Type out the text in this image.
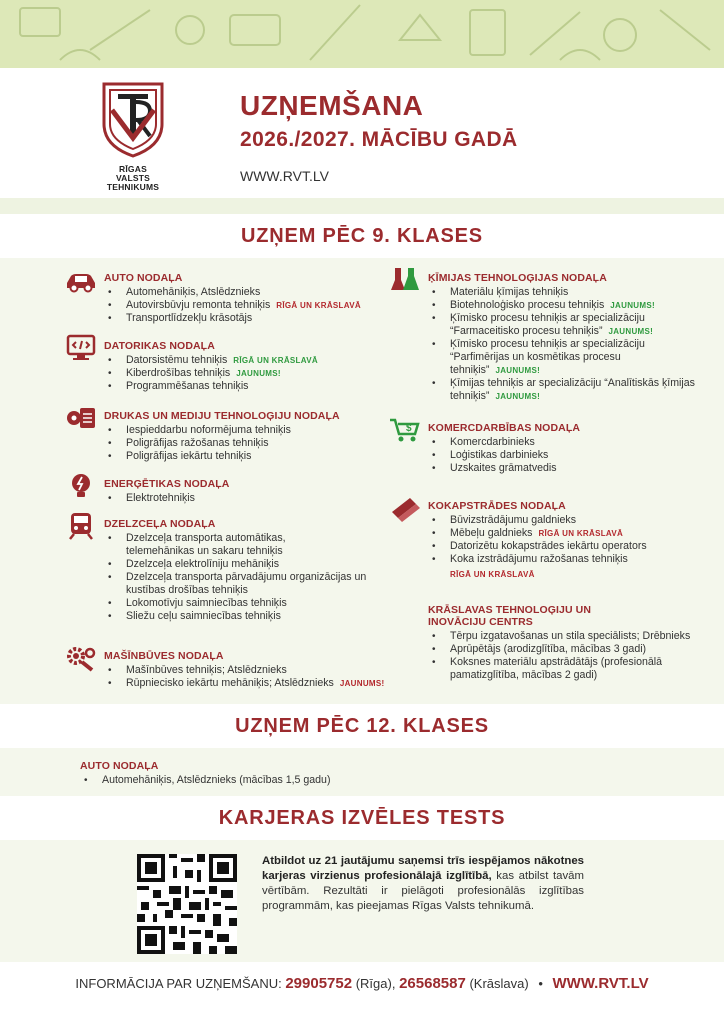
RĪGAS
VALSTS
TEHNIKUMS
UZŅEMŠANA
2026./2027. MĀCĪBU GADĀ
WWW.RVT.LV
UZŅEM PĒC 9. KLASES
AUTO NODAĻA
• Automehāniķis, Atslēdznieks
• Autovirsbūvju remonta tehniķis RĪGĀ UN KRĀSLAVĀ
• Transportlīdzekļu krāsotājs
DATORIKAS NODAĻA
• Datorsistēmu tehniķis RĪGĀ UN KRĀSLAVĀ
• Kiberdrošības tehniķis JAUNUMS!
• Programmēšanas tehniķis
DRUKAS UN MEDIJU TEHNOLOĢIJU NODAĻA
• Iespieddarbu noformējuma tehniķis
• Poligrāfijas ražošanas tehniķis
• Poligrāfijas iekārtu tehniķis
ENERĢĒTIKAS NODAĻA
• Elektrotehniķis
DZELZCEĻA NODAĻA
• Dzelzceļa transporta automātikas, telemehānikas un sakaru tehniķis
• Dzelzceļa elektrolīniju mehāniķis
• Dzelzceļa transporta pārvadājumu organizācijas un kustības drošības tehniķis
• Lokomotīvju saimniecības tehniķis
• Sliežu ceļu saimniecības tehniķis
MAŠĪNBŪVES NODAĻA
• Mašīnbūves tehniķis; Atslēdznieks
• Rūpnieciskо iekārtu mehāniķis; Atslēdznieks JAUNUMS!
ĶĪMIJAS TEHNOLOĢIJAS NODAĻA
• Materiālu ķīmijas tehniķis
• Biotehnoloģisko procesu tehniķis JAUNUMS!
• Ķīmisko procesu tehniķis ar specializāciju “Farmaceitisko procesu tehniķis” JAUNUMS!
• Ķīmisko procesu tehniķis ar specializāciju “Parfimērijas un kosmētikas procesu tehniķis” JAUNUMS!
• Ķīmijas tehniķis ar specializāciju “Analītiskās ķīmijas tehniķis” JAUNUMS!
$ KOMERCDARBĪBAS NODAĻA
• Komercdarbinieks
• Loģistikas darbinieks
• Uzskaites grāmatvedis
KOKAPSTRĀDES NODAĻA
• Būvizstrādājumu galdnieks
• Mēbeļu galdnieks RĪGĀ UN KRĀSLAVĀ
• Datorizētu kokapstrādes iekārtu operators
• Koka izstrādājumu ražošanas tehniķis
RĪGĀ UN KRĀSLAVĀ
KRĀSLAVAS TEHNOLOĢIJU UN INOVĀCIJU CENTRS
• Tērpu izgatavošanas un stila speciālists; Drēbnieks
• Aprūpētājs (arodizglītība, mācības 3 gadi)
• Koksnes materiālu apstrādātājs (profesionālā pamatizglītība, mācības 2 gadi)
UZŅEM PĒC 12. KLASES
AUTO NODAĻA
• Automehāniķis, Atslēdznieks (mācības 1,5 gadu)
KARJERAS IZVĒLES TESTS
Atbildot uz 21 jautājumu saņemsi trīs iespējamos nākotnes karjeras virzienus profesionālajā izglītībā, kas atbilst tavām vērtībām. Rezultāti ir pielāgoti profesionālās izglītības programmām, kas pieejamas Rīgas Valsts tehnikumā.
INFORMĀCIJA PAR UZŅEMŠANU: 29905752 (Rīga), 26568587 (Krāslava) • WWW.RVT.LV
